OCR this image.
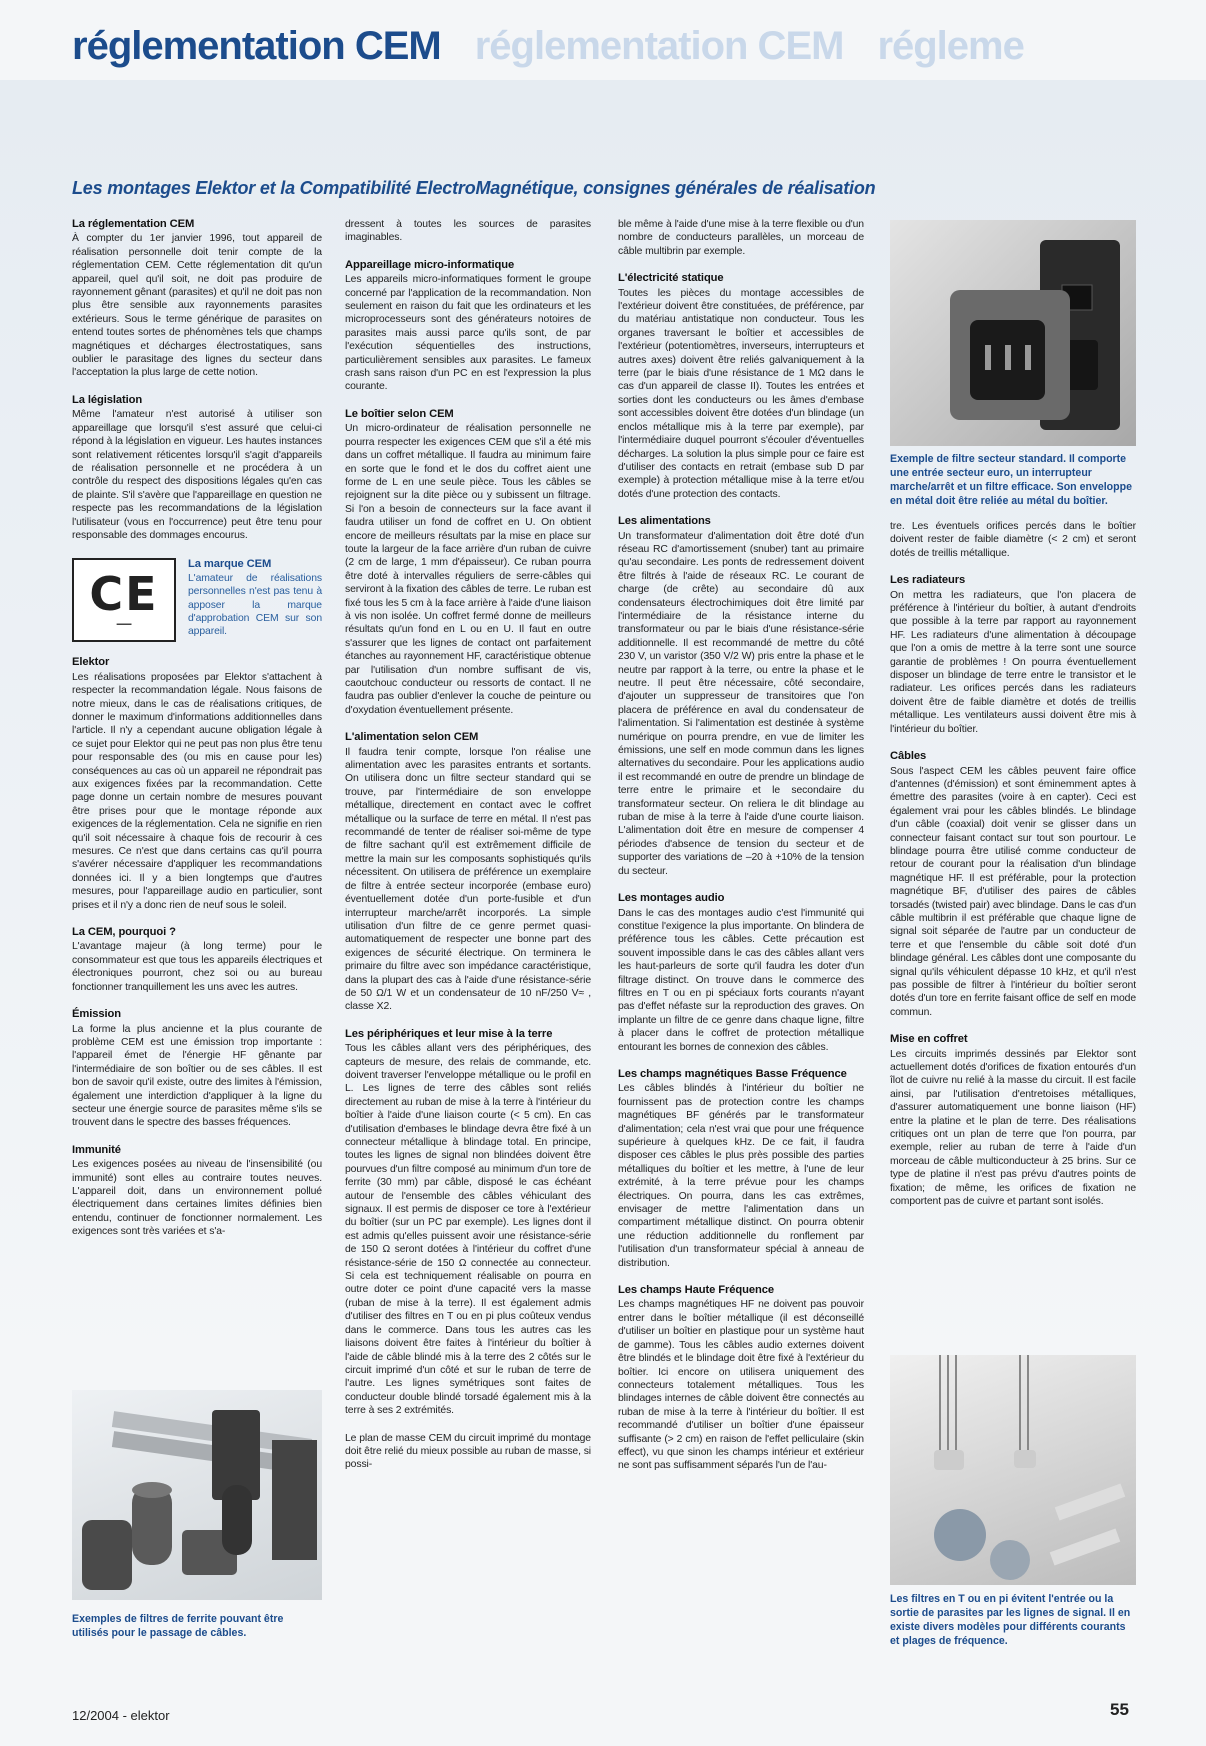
réglementation CEM réglementation CEM régleme
Les montages Elektor et la Compatibilité ElectroMagnétique, consignes générales de réalisation
La réglementation CEM

À compter du 1er janvier 1996, tout appareil de réalisation personnelle doit tenir compte de la réglementation CEM. Cette réglementation dit qu'un appareil, quel qu'il soit, ne doit pas produire de rayonnement gênant (parasites) et qu'il ne doit pas non plus être sensible aux rayonnements parasites extérieurs. Sous le terme générique de parasites on entend toutes sortes de phénomènes tels que champs magnétiques et décharges électrostatiques, sans oublier le parasitage des lignes du secteur dans l'acceptation la plus large de cette notion.

La législation

Même l'amateur n'est autorisé à utiliser son appareillage que lorsqu'il s'est assuré que celui-ci répond à la législation en vigueur. Les hautes instances sont relativement réticentes lorsqu'il s'agit d'appareils de réalisation personnelle et ne procédera à un contrôle du respect des dispositions légales qu'en cas de plainte. S'il s'avère que l'appareillage en question ne respecte pas les recommandations de la législation l'utilisateur (vous en l'occurrence) peut être tenu pour responsable des dommages encourus.

CE
▬▬▬
La marque CEM

L'amateur de réalisations personnelles n'est pas tenu à apposer la marque d'approbation CEM sur son appareil.

Elektor

Les réalisations proposées par Elektor s'attachent à respecter la recommandation légale. Nous faisons de notre mieux, dans le cas de réalisations critiques, de donner le maximum d'informations additionnelles dans l'article. Il n'y a cependant aucune obligation légale à ce sujet pour Elektor qui ne peut pas non plus être tenu pour responsable des (ou mis en cause pour les) conséquences au cas où un appareil ne répondrait pas aux exigences fixées par la recommandation. Cette page donne un certain nombre de mesures pouvant être prises pour que le montage réponde aux exigences de la réglementation. Cela ne signifie en rien qu'il soit nécessaire à chaque fois de recourir à ces mesures. Ce n'est que dans certains cas qu'il pourra s'avérer nécessaire d'appliquer les recommandations données ici. Il y a bien longtemps que d'autres mesures, pour l'appareillage audio en particulier, sont prises et il n'y a donc rien de neuf sous le soleil.

La CEM, pourquoi ?

L'avantage majeur (à long terme) pour le consommateur est que tous les appareils électriques et électroniques pourront, chez soi ou au bureau fonctionner tranquillement les uns avec les autres.

Émission

La forme la plus ancienne et la plus courante de problème CEM est une émission trop importante : l'appareil émet de l'énergie HF gênante par l'intermédiaire de son boîtier ou de ses câbles. Il est bon de savoir qu'il existe, outre des limites à l'émission, également une interdiction d'appliquer à la ligne du secteur une énergie source de parasites même s'ils se trouvent dans le spectre des basses fréquences.

Immunité

Les exigences posées au niveau de l'insensibilité (ou immunité) sont elles au contraire toutes neuves. L'appareil doit, dans un environnement pollué électriquement dans certaines limites définies bien entendu, continuer de fonctionner normalement. Les exigences sont très variées et s'a-

Exemples de filtres de ferrite pouvant être utilisés pour le passage de câbles.

dressent à toutes les sources de parasites imaginables.

Appareillage micro-informatique

Les appareils micro-informatiques forment le groupe concerné par l'application de la recommandation. Non seulement en raison du fait que les ordinateurs et les microprocesseurs sont des générateurs notoires de parasites mais aussi parce qu'ils sont, de par l'exécution séquentielles des instructions, particulièrement sensibles aux parasites. Le fameux crash sans raison d'un PC en est l'expression la plus courante.

Le boîtier selon CEM

Un micro-ordinateur de réalisation personnelle ne pourra respecter les exigences CEM que s'il a été mis dans un coffret métallique. Il faudra au minimum faire en sorte que le fond et le dos du coffret aient une forme de L en une seule pièce. Tous les câbles se rejoignent sur la dite pièce ou y subissent un filtrage. Si l'on a besoin de connecteurs sur la face avant il faudra utiliser un fond de coffret en U. On obtient encore de meilleurs résultats par la mise en place sur toute la largeur de la face arrière d'un ruban de cuivre (2 cm de large, 1 mm d'épaisseur). Ce ruban pourra être doté à intervalles réguliers de serre-câbles qui serviront à la fixation des câbles de terre. Le ruban est fixé tous les 5 cm à la face arrière à l'aide d'une liaison à vis non isolée. Un coffret fermé donne de meilleurs résultats qu'un fond en L ou en U. Il faut en outre s'assurer que les lignes de contact ont parfaitement étanches au rayonnement HF, caractéristique obtenue par l'utilisation d'un nombre suffisant de vis, caoutchouc conducteur ou ressorts de contact. Il ne faudra pas oublier d'enlever la couche de peinture ou d'oxydation éventuellement présente.

L'alimentation selon CEM

Il faudra tenir compte, lorsque l'on réalise une alimentation avec les parasites entrants et sortants. On utilisera donc un filtre secteur standard qui se trouve, par l'intermédiaire de son enveloppe métallique, directement en contact avec le coffret métallique ou la surface de terre en métal. Il n'est pas recommandé de tenter de réaliser soi-même de type de filtre sachant qu'il est extrêmement difficile de mettre la main sur les composants sophistiqués qu'ils nécessitent. On utilisera de préférence un exemplaire de filtre à entrée secteur incorporée (embase euro) éventuellement dotée d'un porte-fusible et d'un interrupteur marche/arrêt incorporés. La simple utilisation d'un filtre de ce genre permet quasi-automatiquement de respecter une bonne part des exigences de sécurité électrique. On terminera le primaire du filtre avec son impédance caractéristique, dans la plupart des cas à l'aide d'une résistance-série de 50 Ω/1 W et un condensateur de 10 nF/250 V≈ , classe X2.

Les périphériques et leur mise à la terre

Tous les câbles allant vers des périphériques, des capteurs de mesure, des relais de commande, etc. doivent traverser l'enveloppe métallique ou le profil en L. Les lignes de terre des câbles sont reliés directement au ruban de mise à la terre à l'intérieur du boîtier à l'aide d'une liaison courte (< 5 cm). En cas d'utilisation d'embases le blindage devra être fixé à un connecteur métallique à blindage total. En principe, toutes les lignes de signal non blindées doivent être pourvues d'un filtre composé au minimum d'un tore de ferrite (30 mm) par câble, disposé le cas échéant autour de l'ensemble des câbles véhiculant des signaux. Il est permis de disposer ce tore à l'extérieur du boîtier (sur un PC par exemple). Les lignes dont il est admis qu'elles puissent avoir une résistance-série de 150 Ω seront dotées à l'intérieur du coffret d'une résistance-série de 150 Ω connectée au connecteur. Si cela est techniquement réalisable on pourra en outre doter ce point d'une capacité vers la masse (ruban de mise à la terre). Il est également admis d'utiliser des filtres en T ou en pi plus coûteux vendus dans le commerce. Dans tous les autres cas les liaisons doivent être faites à l'intérieur du boîtier à l'aide de câble blindé mis à la terre des 2 côtés sur le circuit imprimé d'un côté et sur le ruban de terre de l'autre. Les lignes symétriques sont faites de conducteur double blindé torsadé également mis à la terre à ses 2 extrémités.

Le plan de masse CEM du circuit imprimé du montage doit être relié du mieux possible au ruban de masse, si possi-

ble même à l'aide d'une mise à la terre flexible ou d'un nombre de conducteurs parallèles, un morceau de câble multibrin par exemple.

L'électricité statique

Toutes les pièces du montage accessibles de l'extérieur doivent être constituées, de préférence, par du matériau antistatique non conducteur. Tous les organes traversant le boîtier et accessibles de l'extérieur (potentiomètres, inverseurs, interrupteurs et autres axes) doivent être reliés galvaniquement à la terre (par le biais d'une résistance de 1 MΩ dans le cas d'un appareil de classe II). Toutes les entrées et sorties dont les conducteurs ou les âmes d'embase sont accessibles doivent être dotées d'un blindage (un enclos métallique mis à la terre par exemple), par l'intermédiaire duquel pourront s'écouler d'éventuelles décharges. La solution la plus simple pour ce faire est d'utiliser des contacts en retrait (embase sub D par exemple) à protection métallique mise à la terre et/ou dotés d'une protection des contacts.

Les alimentations

Un transformateur d'alimentation doit être doté d'un réseau RC d'amortissement (snuber) tant au primaire qu'au secondaire. Les ponts de redressement doivent être filtrés à l'aide de réseaux RC. Le courant de charge (de crête) au secondaire dû aux condensateurs électrochimiques doit être limité par l'intermédiaire de la résistance interne du transformateur ou par le biais d'une résistance-série additionnelle. Il est recommandé de mettre du côté 230 V, un varistor (350 V/2 W) pris entre la phase et le neutre par rapport à la terre, ou entre la phase et le neutre. Il peut être nécessaire, côté secondaire, d'ajouter un suppresseur de transitoires que l'on placera de préférence en aval du condensateur de l'alimentation. Si l'alimentation est destinée à système numérique on pourra prendre, en vue de limiter les émissions, une self en mode commun dans les lignes alternatives du secondaire. Pour les applications audio il est recommandé en outre de prendre un blindage de terre entre le primaire et le secondaire du transformateur secteur. On reliera le dit blindage au ruban de mise à la terre à l'aide d'une courte liaison. L'alimentation doit être en mesure de compenser 4 périodes d'absence de tension du secteur et de supporter des variations de –20 à +10% de la tension du secteur.

Les montages audio

Dans le cas des montages audio c'est l'immunité qui constitue l'exigence la plus importante. On blindera de préférence tous les câbles. Cette précaution est souvent impossible dans le cas des câbles allant vers les haut-parleurs de sorte qu'il faudra les doter d'un filtrage distinct. On trouve dans le commerce des filtres en T ou en pi spéciaux forts courants n'ayant pas d'effet néfaste sur la reproduction des graves. On implante un filtre de ce genre dans chaque ligne, filtre à placer dans le coffret de protection métallique entourant les bornes de connexion des câbles.

Les champs magnétiques Basse Fréquence

Les câbles blindés à l'intérieur du boîtier ne fournissent pas de protection contre les champs magnétiques BF générés par le transformateur d'alimentation; cela n'est vrai que pour une fréquence supérieure à quelques kHz. De ce fait, il faudra disposer ces câbles le plus près possible des parties métalliques du boîtier et les mettre, à l'une de leur extrémité, à la terre prévue pour les champs électriques. On pourra, dans les cas extrêmes, envisager de mettre l'alimentation dans un compartiment métallique distinct. On pourra obtenir une réduction additionnelle du ronflement par l'utilisation d'un transformateur spécial à anneau de distribution.

Les champs Haute Fréquence

Les champs magnétiques HF ne doivent pas pouvoir entrer dans le boîtier métallique (il est déconseillé d'utiliser un boîtier en plastique pour un système haut de gamme). Tous les câbles audio externes doivent être blindés et le blindage doit être fixé à l'extérieur du boîtier. Ici encore on utilisera uniquement des connecteurs totalement métalliques. Tous les blindages internes de câble doivent être connectés au ruban de mise à la terre à l'intérieur du boîtier. Il est recommandé d'utiliser un boîtier d'une épaisseur suffisante (> 2 cm) en raison de l'effet pelliculaire (skin effect), vu que sinon les champs intérieur et extérieur ne sont pas suffisamment séparés l'un de l'au-

Exemple de filtre secteur standard. Il comporte une entrée secteur euro, un interrupteur marche/arrêt et un filtre efficace. Son enveloppe en métal doit être reliée au métal du boîtier.

tre. Les éventuels orifices percés dans le boîtier doivent rester de faible diamètre (< 2 cm) et seront dotés de treillis métallique.

Les radiateurs

On mettra les radiateurs, que l'on placera de préférence à l'intérieur du boîtier, à autant d'endroits que possible à la terre par rapport au rayonnement HF. Les radiateurs d'une alimentation à découpage que l'on a omis de mettre à la terre sont une source garantie de problèmes ! On pourra éventuellement disposer un blindage de terre entre le transistor et le radiateur. Les orifices percés dans les radiateurs doivent être de faible diamètre et dotés de treillis métallique. Les ventilateurs aussi doivent être mis à l'intérieur du boîtier.

Câbles

Sous l'aspect CEM les câbles peuvent faire office d'antennes (d'émission) et sont éminemment aptes à émettre des parasites (voire à en capter). Ceci est également vrai pour les câbles blindés. Le blindage d'un câble (coaxial) doit venir se glisser dans un connecteur faisant contact sur tout son pourtour. Le blindage pourra être utilisé comme conducteur de retour de courant pour la réalisation d'un blindage magnétique HF. Il est préférable, pour la protection magnétique BF, d'utiliser des paires de câbles torsadés (twisted pair) avec blindage. Dans le cas d'un câble multibrin il est préférable que chaque ligne de signal soit séparée de l'autre par un conducteur de terre et que l'ensemble du câble soit doté d'un blindage général. Les câbles dont une composante du signal qu'ils véhiculent dépasse 10 kHz, et qu'il n'est pas possible de filtrer à l'intérieur du boîtier seront dotés d'un tore en ferrite faisant office de self en mode commun.

Mise en coffret

Les circuits imprimés dessinés par Elektor sont actuellement dotés d'orifices de fixation entourés d'un îlot de cuivre nu relié à la masse du circuit. Il est facile ainsi, par l'utilisation d'entretoises métalliques, d'assurer automatiquement une bonne liaison (HF) entre la platine et le plan de terre. Des réalisations critiques ont un plan de terre que l'on pourra, par exemple, relier au ruban de terre à l'aide d'un morceau de câble multiconducteur à 25 brins. Sur ce type de platine il n'est pas prévu d'autres points de fixation; de même, les orifices de fixation ne comportent pas de cuivre et partant sont isolés.

Les filtres en T ou en pi évitent l'entrée ou la sortie de parasites par les lignes de signal. Il en existe divers modèles pour différents courants et plages de fréquence.
12/2004 - elektor	55
